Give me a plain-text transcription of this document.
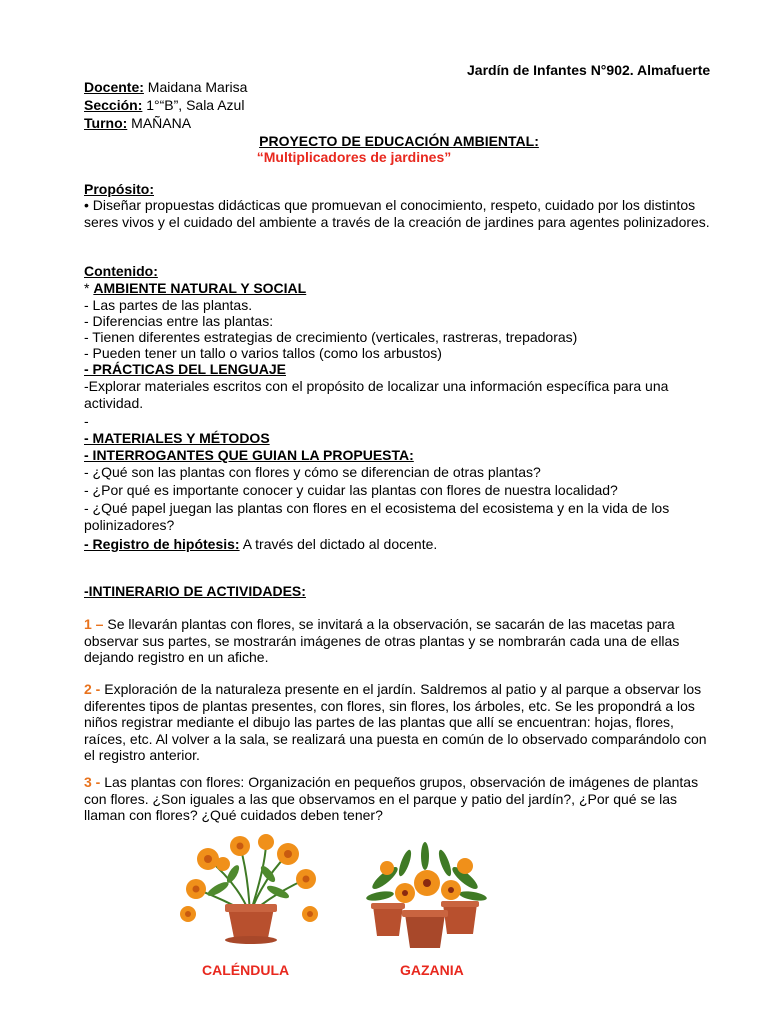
Jardín de Infantes N°902. Almafuerte
Docente: Maidana Marisa
Sección: 1°“B”, Sala Azul
Turno: MAÑANA
PROYECTO DE EDUCACIÓN AMBIENTAL:
“Multiplicadores de jardines”
Propósito:
• Diseñar propuestas didácticas que promuevan el conocimiento, respeto, cuidado por los distintos seres vivos y el cuidado del ambiente a través de la creación de jardines para agentes polinizadores.
Contenido:
* AMBIENTE NATURAL Y SOCIAL
- Las partes de las plantas.
- Diferencias entre las plantas:
- Tienen diferentes estrategias de crecimiento (verticales, rastreras, trepadoras)
- Pueden tener un tallo o varios tallos (como los arbustos)
- PRÁCTICAS DEL LENGUAJE
-Explorar materiales escritos con el propósito de localizar una información específica para una actividad.
-
- MATERIALES Y MÉTODOS
- INTERROGANTES QUE GUIAN LA PROPUESTA:
- ¿Qué son las plantas con flores y cómo se diferencian de otras plantas?
- ¿Por qué es importante conocer y cuidar las plantas con flores de nuestra localidad?
- ¿Qué papel juegan las plantas con flores en el ecosistema del ecosistema y en la vida de los polinizadores?
- Registro de hipótesis: A través del dictado al docente.
-INTINERARIO DE ACTIVIDADES:
1 – Se llevarán plantas con flores, se invitará a la observación, se sacarán de las macetas para observar sus partes, se mostrarán imágenes de otras plantas y se nombrarán cada una de ellas dejando registro en un afiche.
2 - Exploración de la naturaleza presente en el jardín. Saldremos al patio y al parque a observar los diferentes tipos de plantas presentes, con flores, sin flores, los árboles, etc. Se les propondrá a los niños registrar mediante el dibujo las partes de las plantas que allí se encuentran: hojas, flores, raíces, etc. Al volver a la sala, se realizará una puesta en común de lo observado comparándolo con el registro anterior.
3 - Las plantas con flores: Organización en pequeños grupos, observación de imágenes de plantas con flores. ¿Son iguales a las que observamos en el parque y patio del jardín?, ¿Por qué se las llaman con flores? ¿Qué cuidados deben tener?
CALÉNDULA	GAZANIA
